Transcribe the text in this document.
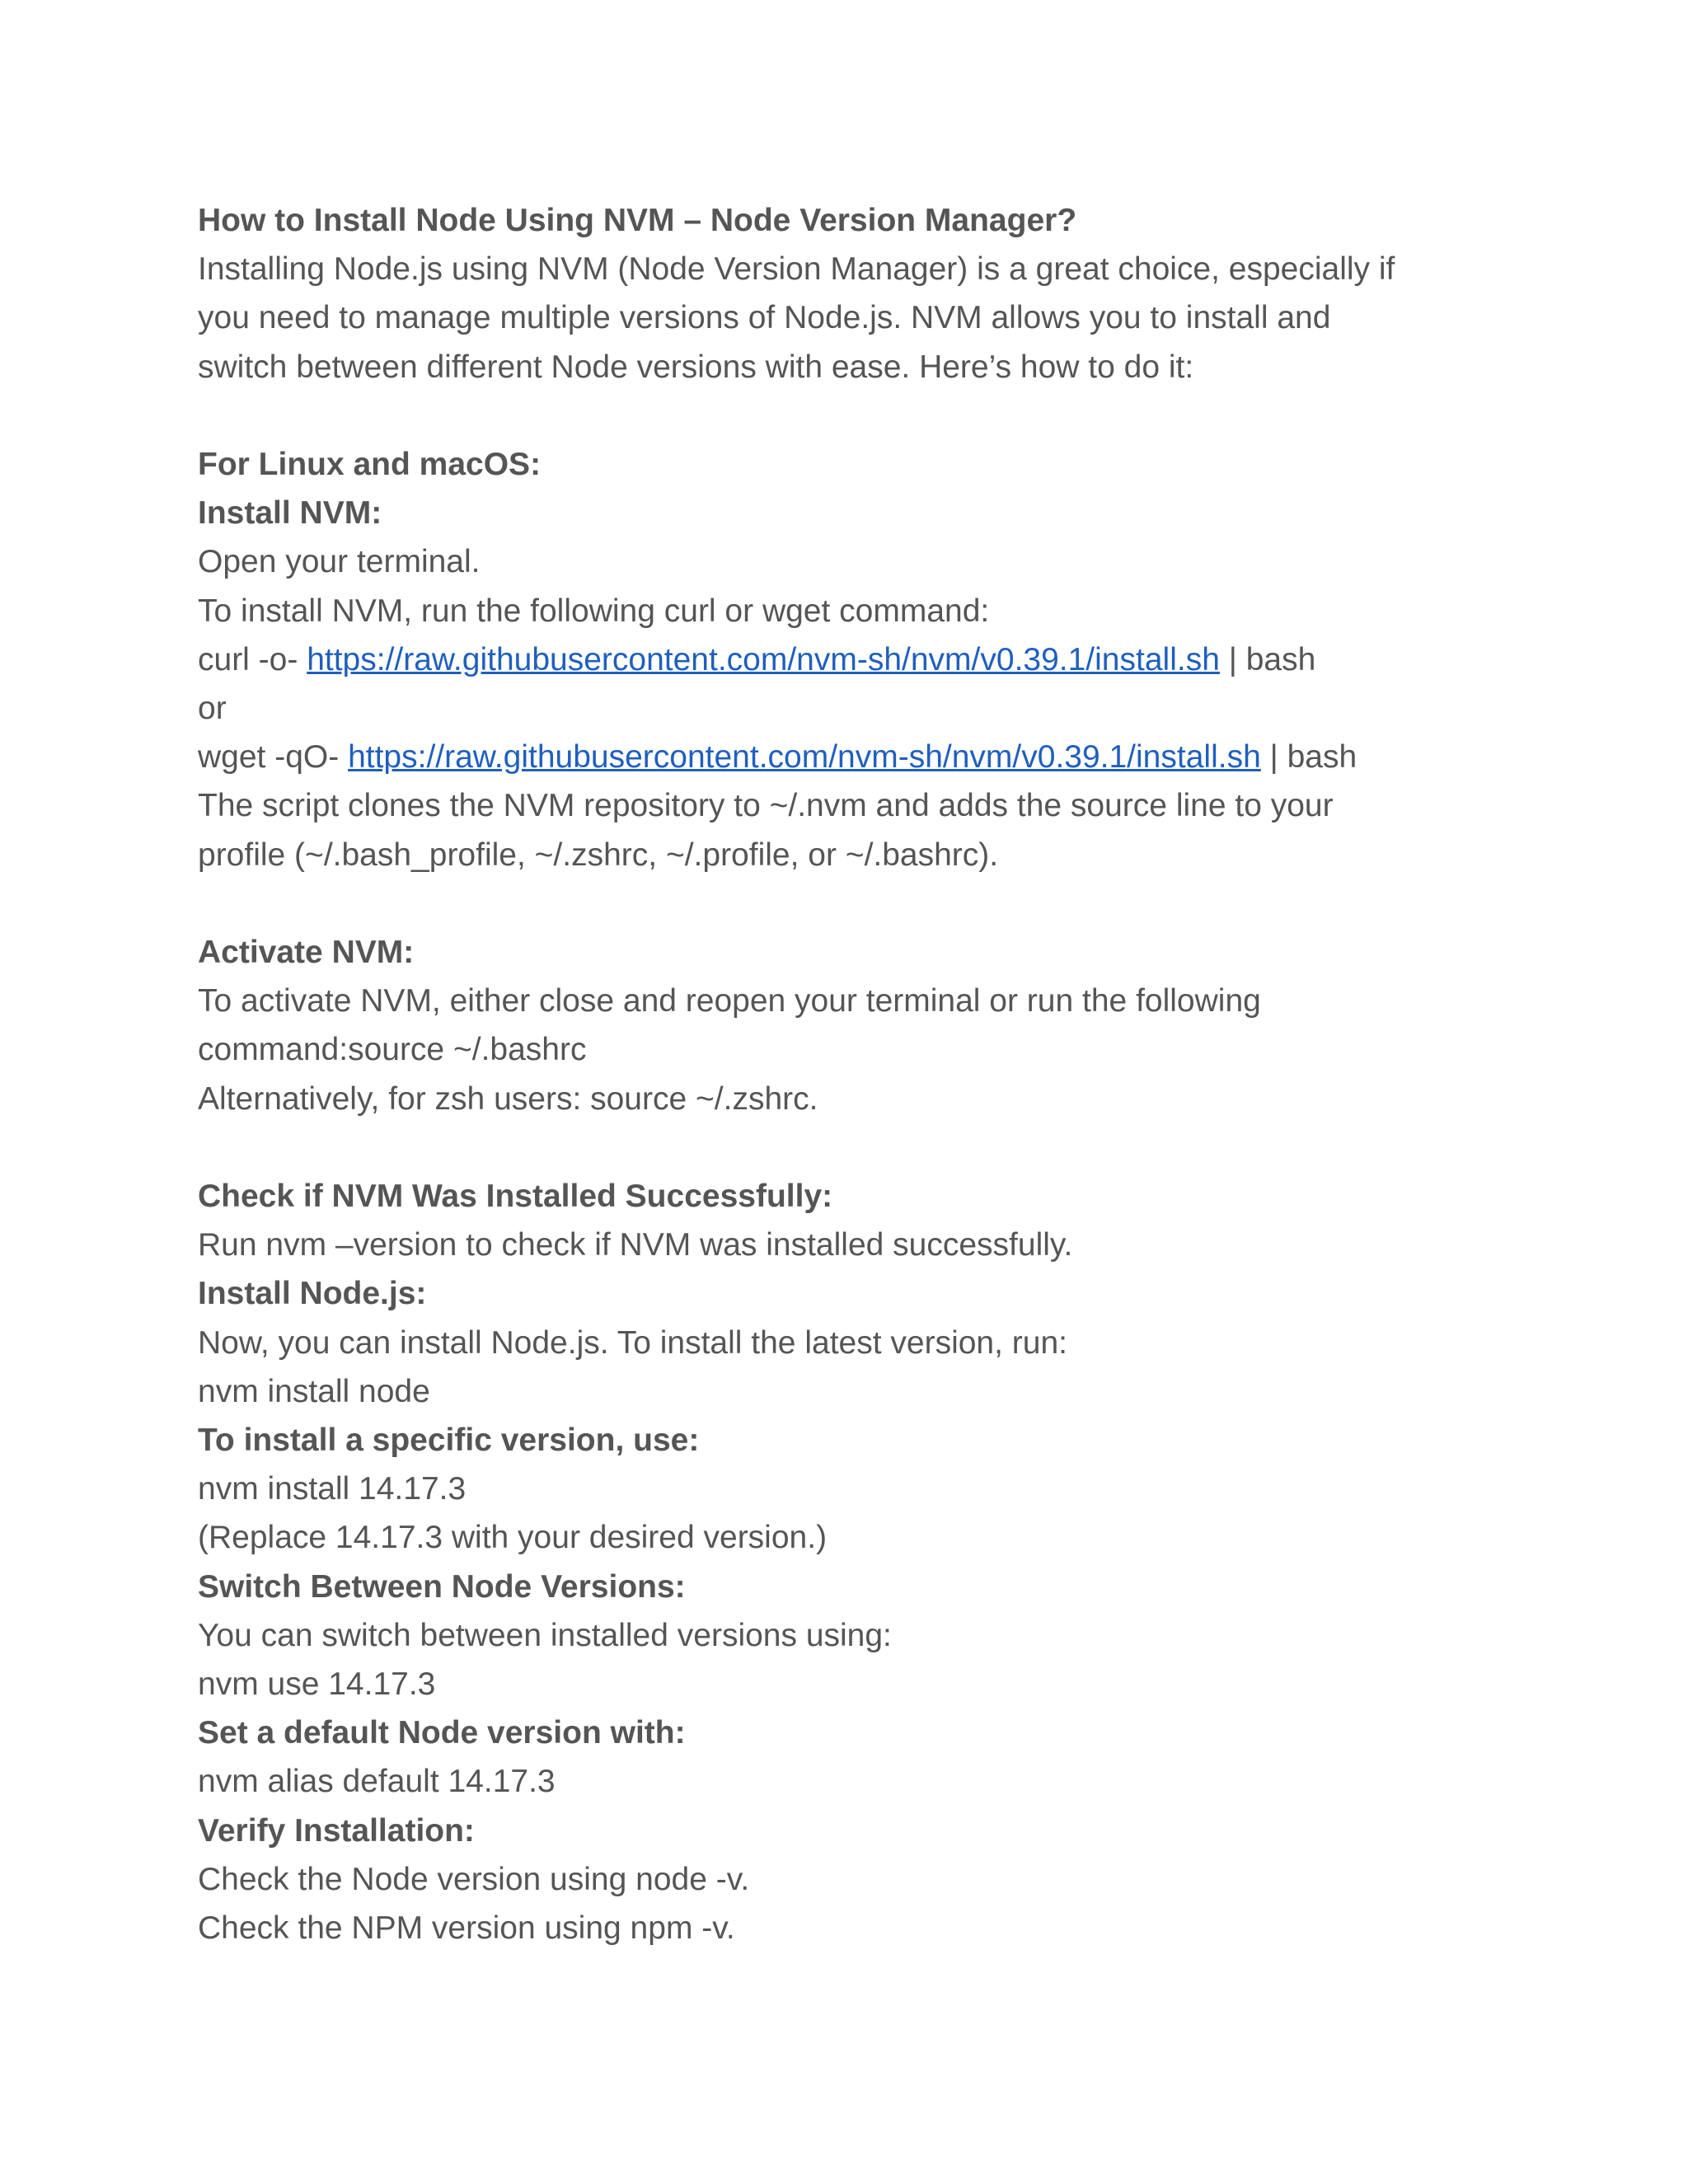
How to Install Node Using NVM – Node Version Manager?
Installing Node.js using NVM (Node Version Manager) is a great choice, especially if
you need to manage multiple versions of Node.js. NVM allows you to install and
switch between different Node versions with ease. Here’s how to do it:
For Linux and macOS:
Install NVM:
Open your terminal.
To install NVM, run the following curl or wget command:
curl -o- https://raw.githubusercontent.com/nvm-sh/nvm/v0.39.1/install.sh | bash
or
wget -qO- https://raw.githubusercontent.com/nvm-sh/nvm/v0.39.1/install.sh | bash
The script clones the NVM repository to ~/.nvm and adds the source line to your
profile (~/.bash_profile, ~/.zshrc, ~/.profile, or ~/.bashrc).
Activate NVM:
To activate NVM, either close and reopen your terminal or run the following
command:source ~/.bashrc
Alternatively, for zsh users: source ~/.zshrc.
Check if NVM Was Installed Successfully:
Run nvm –version to check if NVM was installed successfully.
Install Node.js:
Now, you can install Node.js. To install the latest version, run:
nvm install node
To install a specific version, use:
nvm install 14.17.3
(Replace 14.17.3 with your desired version.)
Switch Between Node Versions:
You can switch between installed versions using:
nvm use 14.17.3
Set a default Node version with:
nvm alias default 14.17.3
Verify Installation:
Check the Node version using node -v.
Check the NPM version using npm -v.
